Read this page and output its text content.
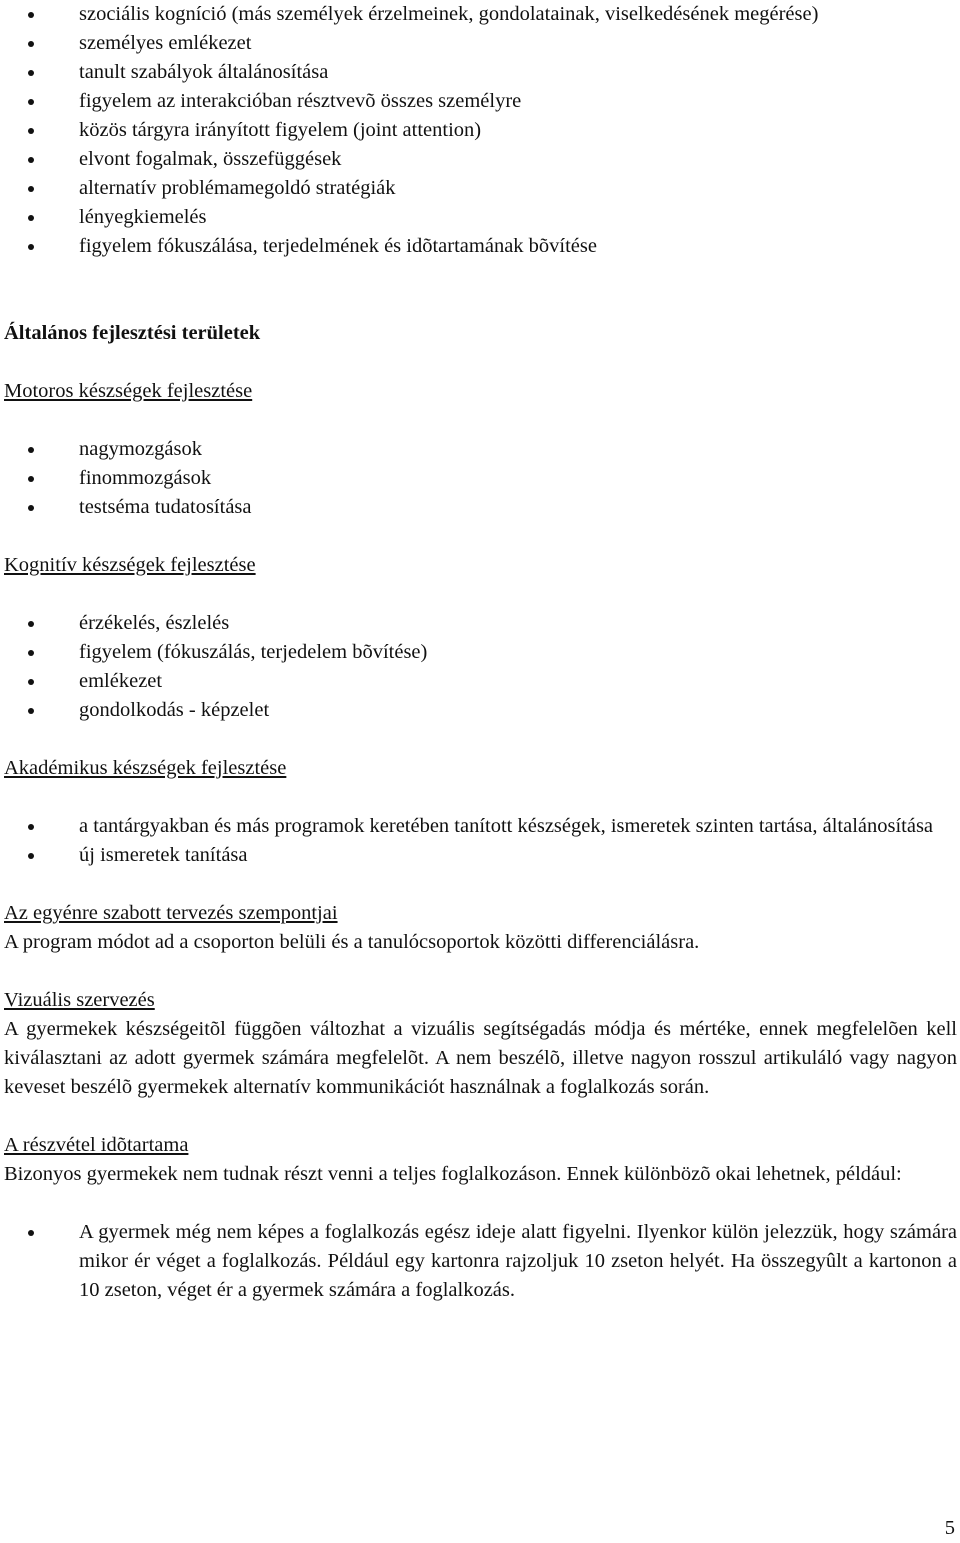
szociális kogníció (más személyek érzelmeinek, gondolatainak, viselkedésének megérése)
személyes emlékezet
tanult szabályok általánosítása
figyelem az interakcióban résztvevõ összes személyre
közös tárgyra irányított figyelem (joint attention)
elvont fogalmak, összefüggések
alternatív problémamegoldó stratégiák
lényegkiemelés
figyelem fókuszálása, terjedelmének és idõtartamának bõvítése

Általános fejlesztési területek

Motoros készségek fejlesztése

nagymozgások
finommozgások
testséma tudatosítása

Kognitív készségek fejlesztése

érzékelés, észlelés
figyelem (fókuszálás, terjedelem bõvítése)
emlékezet
gondolkodás - képzelet

Akadémikus készségek fejlesztése

a tantárgyakban és más programok keretében tanított készségek, ismeretek szinten tartása, általánosítása
új ismeretek tanítása

Az egyénre szabott tervezés szempontjai

A program módot ad a csoporton belüli és a tanulócsoportok közötti differenciálásra.

Vizuális szervezés

A gyermekek készségeitõl függõen változhat a vizuális segítségadás módja és mértéke, ennek megfelelõen kell kiválasztani az adott gyermek számára megfelelõt. A nem beszélõ, illetve nagyon rosszul artikuláló vagy nagyon keveset beszélõ gyermekek alternatív kommunikációt használnak a foglalkozás során.

A részvétel idõtartama

Bizonyos gyermekek nem tudnak részt venni a teljes foglalkozáson. Ennek különbözõ okai lehetnek, például:

A gyermek még nem képes a foglalkozás egész ideje alatt figyelni. Ilyenkor külön jelezzük, hogy számára mikor ér véget a foglalkozás. Például egy kartonra rajzoljuk 10 zseton helyét. Ha összegyûlt a kartonon a 10 zseton, véget ér a gyermek számára a foglalkozás.
5
